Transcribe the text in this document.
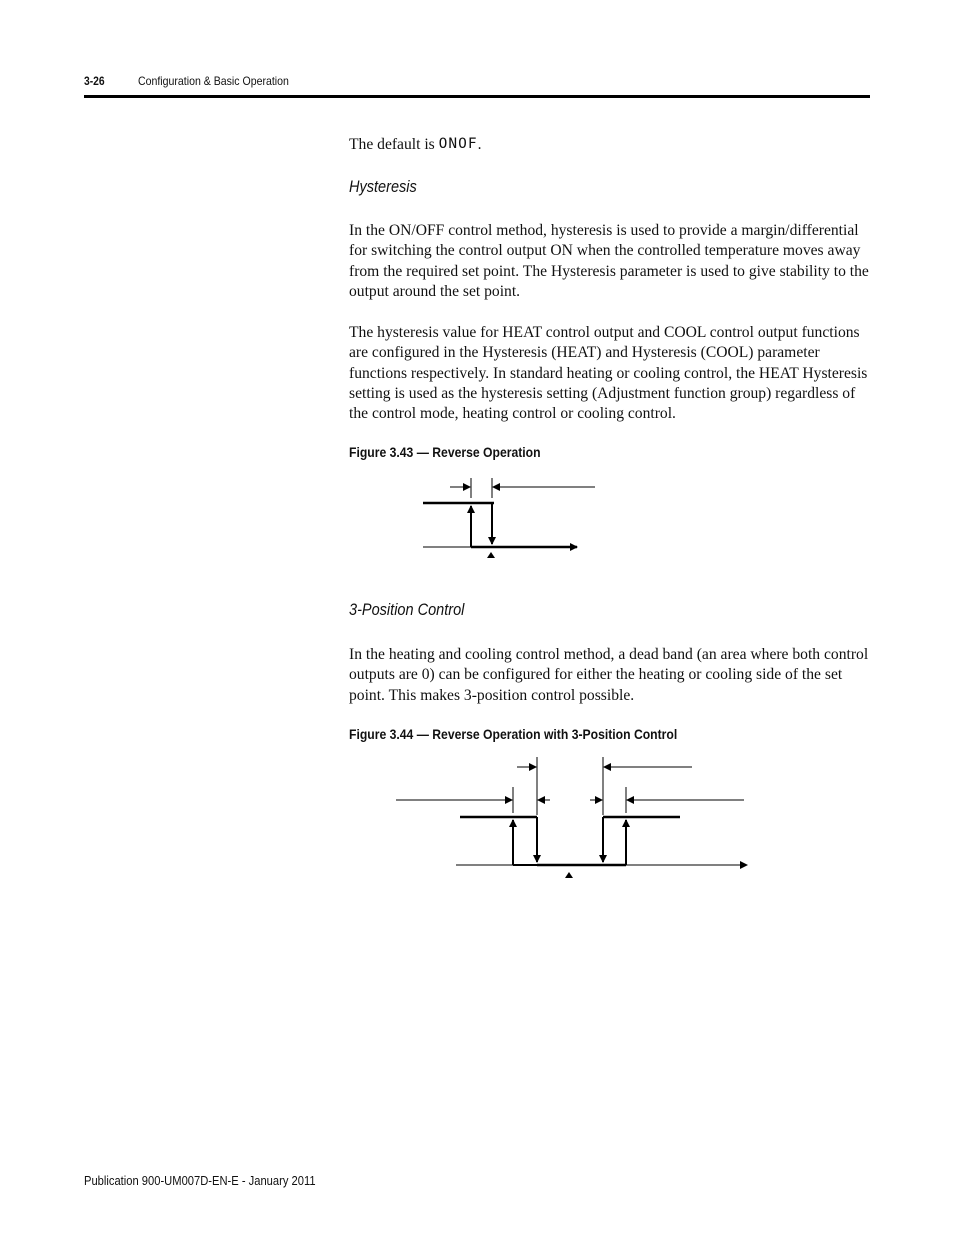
3-26	Configuration & Basic Operation
The default is ONOF.
Hysteresis
In the ON/OFF control method, hysteresis is used to provide a margin/differential for switching the control output ON when the controlled temperature moves away from the required set point. The Hysteresis parameter is used to give stability to the output around the set point.
The hysteresis value for HEAT control output and COOL control output functions are configured in the Hysteresis (HEAT) and Hysteresis (COOL) parameter functions respectively. In standard heating or cooling control, the HEAT Hysteresis setting is used as the hysteresis setting (Adjustment function group) regardless of the control mode, heating control or cooling control.
Figure 3.43 — Reverse Operation
3-Position Control
In the heating and cooling control method, a dead band (an area where both control outputs are 0) can be configured for either the heating or cooling side of the set point. This makes 3-position control possible.
Figure 3.44 — Reverse Operation with 3-Position Control
Publication 900-UM007D-EN-E - January 2011
